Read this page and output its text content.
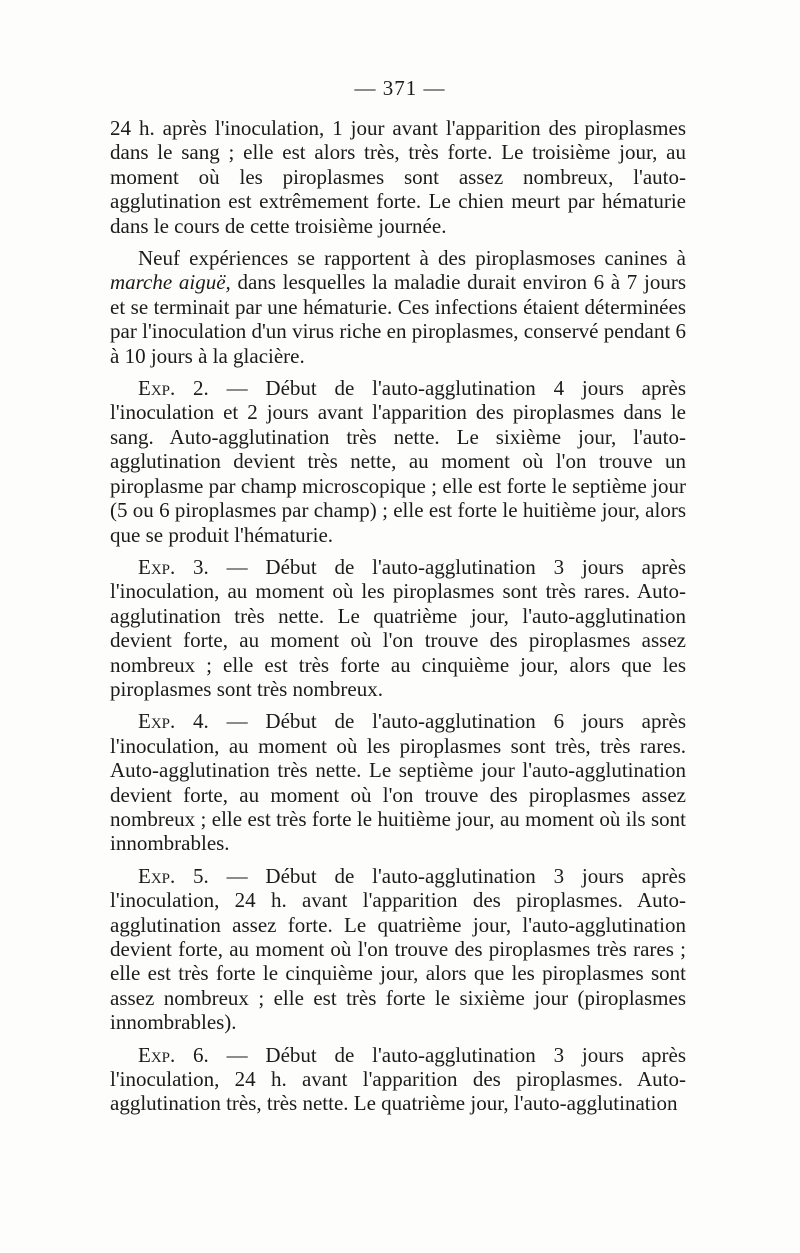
— 371 —

24 h. après l'inoculation, 1 jour avant l'apparition des piroplasmes dans le sang ; elle est alors très, très forte. Le troisième jour, au moment où les piroplasmes sont assez nombreux, l'auto-agglutination est extrêmement forte. Le chien meurt par hématurie dans le cours de cette troisième journée.

Neuf expériences se rapportent à des piroplasmoses canines à marche aiguë, dans lesquelles la maladie durait environ 6 à 7 jours et se terminait par une hématurie. Ces infections étaient déterminées par l'inoculation d'un virus riche en piroplasmes, conservé pendant 6 à 10 jours à la glacière.

Exp. 2. — Début de l'auto-agglutination 4 jours après l'inoculation et 2 jours avant l'apparition des piroplasmes dans le sang. Auto-agglutination très nette. Le sixième jour, l'auto-agglutination devient très nette, au moment où l'on trouve un piroplasme par champ microscopique ; elle est forte le septième jour (5 ou 6 piroplasmes par champ) ; elle est forte le huitième jour, alors que se produit l'hématurie.

Exp. 3. — Début de l'auto-agglutination 3 jours après l'inoculation, au moment où les piroplasmes sont très rares. Auto-agglutination très nette. Le quatrième jour, l'auto-agglutination devient forte, au moment où l'on trouve des piroplasmes assez nombreux ; elle est très forte au cinquième jour, alors que les piroplasmes sont très nombreux.

Exp. 4. — Début de l'auto-agglutination 6 jours après l'inoculation, au moment où les piroplasmes sont très, très rares. Auto-agglutination très nette. Le septième jour l'auto-agglutination devient forte, au moment où l'on trouve des piroplasmes assez nombreux ; elle est très forte le huitième jour, au moment où ils sont innombrables.

Exp. 5. — Début de l'auto-agglutination 3 jours après l'inoculation, 24 h. avant l'apparition des piroplasmes. Auto-agglutination assez forte. Le quatrième jour, l'auto-agglutination devient forte, au moment où l'on trouve des piroplasmes très rares ; elle est très forte le cinquième jour, alors que les piroplasmes sont assez nombreux ; elle est très forte le sixième jour (piroplasmes innombrables).

Exp. 6. — Début de l'auto-agglutination 3 jours après l'inoculation, 24 h. avant l'apparition des piroplasmes. Auto-agglutination très, très nette. Le quatrième jour, l'auto-agglutination
